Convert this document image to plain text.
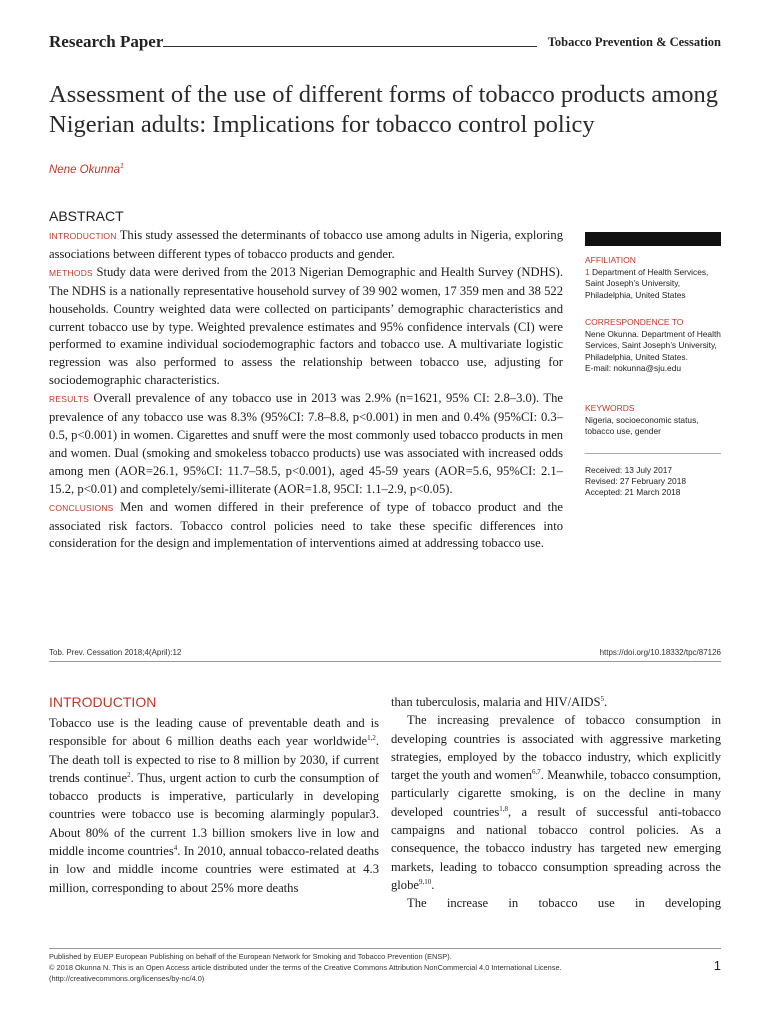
Research Paper	Tobacco Prevention & Cessation
Assessment of the use of different forms of tobacco products among Nigerian adults: Implications for tobacco control policy
Nene Okunna$^1$
ABSTRACT

INTRODUCTION This study assessed the determinants of tobacco use among adults in Nigeria, exploring associations between different types of tobacco products and gender.

METHODS Study data were derived from the 2013 Nigerian Demographic and Health Survey (NDHS). The NDHS is a nationally representative household survey of 39 902 women, 17 359 men and 38 522 households. Country weighted data were collected on participants’ demographic characteristics and current tobacco use by type. Weighted prevalence estimates and 95% confidence intervals (CI) were performed to examine individual sociodemographic factors and tobacco use. A multivariate logistic regression was also performed to assess the relationship between tobacco use, adjusting for sociodemographic characteristics.

RESULTS Overall prevalence of any tobacco use in 2013 was 2.9% (n=1621, 95% CI: 2.8–3.0). The prevalence of any tobacco use was 8.3% (95%CI: 7.8–8.8, p<0.001) in men and 0.4% (95%CI: 0.3–0.5, p<0.001) in women. Cigarettes and snuff were the most commonly used tobacco products in men and women. Dual (smoking and smokeless tobacco products) use was associated with increased odds among men (AOR=26.1, 95%CI: 11.7–58.5, p<0.001), aged 45-59 years (AOR=5.6, 95%CI: 2.1–15.2, p<0.01) and completely/semi-illiterate (AOR=1.8, 95CI: 1.1–2.9, p<0.05).

CONCLUSIONS Men and women differed in their preference of type of tobacco product and the associated risk factors. Tobacco control policies need to take these specific differences into consideration for the design and implementation of interventions aimed at addressing tobacco use.

AFFILIATION
1 Department of Health Services, Saint Joseph’s University, Philadelphia, United States
CORRESPONDENCE TO
Nene Okunna. Department of Health Services, Saint Joseph’s University, Philadelphia, United States.
E-mail: nokunna@sju.edu
KEYWORDS
Nigeria, socioeconomic status, tobacco use, gender
Received: 13 July 2017
Revised: 27 February 2018
Accepted: 21 March 2018
Tob. Prev. Cessation 2018;4(April):12	https://doi.org/10.18332/tpc/87126
INTRODUCTION

Tobacco use is the leading cause of preventable death and is responsible for about 6 million deaths each year worldwide$^{1,2}$. The death toll is expected to rise to 8 million by 2030, if current trends continue$^2$. Thus, urgent action to curb the consumption of tobacco products is imperative, particularly in developing countries were tobacco use is becoming alarmingly popular3. About 80% of the current 1.3 billion smokers live in low and middle income countries$^4$. In 2010, annual tobacco-related deaths in low and middle income countries were estimated at 4.3 million, corresponding to about 25% more deaths

than tuberculosis, malaria and HIV/AIDS$^5$.

The increasing prevalence of tobacco consumption in developing countries is associated with aggressive marketing strategies, employed by the tobacco industry, which explicitly target the youth and women$^{6,7}$. Meanwhile, tobacco consumption, particularly cigarette smoking, is on the decline in many developed countries$^{1,8}$, a result of successful anti-tobacco campaigns and national tobacco control policies. As a consequence, the tobacco industry has targeted new emerging markets, leading to tobacco consumption spreading across the globe$^{9,10}$.

The increase in tobacco use in developing

Published by EUEP European Publishing on behalf of the European Network for Smoking and Tobacco Prevention (ENSP).

© 2018 Okunna N. This is an Open Access article distributed under the terms of the Creative Commons Attribution NonCommercial 4.0 International License.

(http://creativecommons.org/licenses/by-nc/4.0)

1
